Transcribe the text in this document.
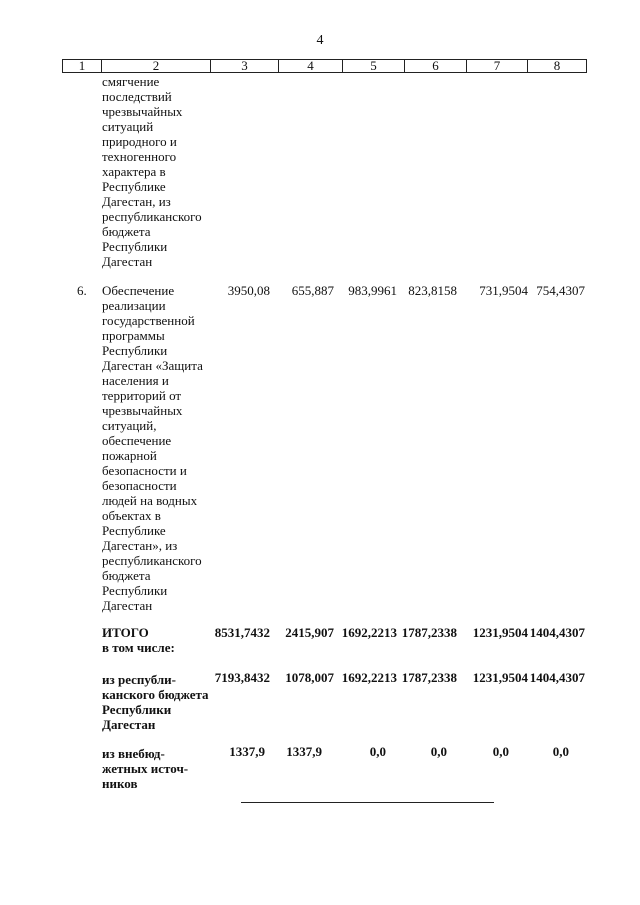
4
1	2	3	4	5	6	7	8
смягчение
последствий
чрезвычайных
ситуаций
природного и
техногенного
характера в
Республике
Дагестан, из
республиканского
бюджета
Республики
Дагестан
6. Обеспечение
реализации
государственной
программы
Республики
Дагестан «Защита
населения и
территорий от
чрезвычайных
ситуаций,
обеспечение
пожарной
безопасности и
безопасности
людей на водных
объектах в
Республике
Дагестан», из
республиканского
бюджета
Республики
Дагестан
3950,08 655,887 983,9961 823,8158 731,9504 754,4307
ИТОГО
в том числе:
8531,7432 2415,907 1692,2213 1787,2338 1231,9504 1404,4307
из республи-
канского бюджета
Республики
Дагестан
7193,8432 1078,007 1692,2213 1787,2338 1231,9504 1404,4307
из внебюд-
жетных источ-
ников
1337,9 1337,9	0,0	0,0	0,0	0,0
